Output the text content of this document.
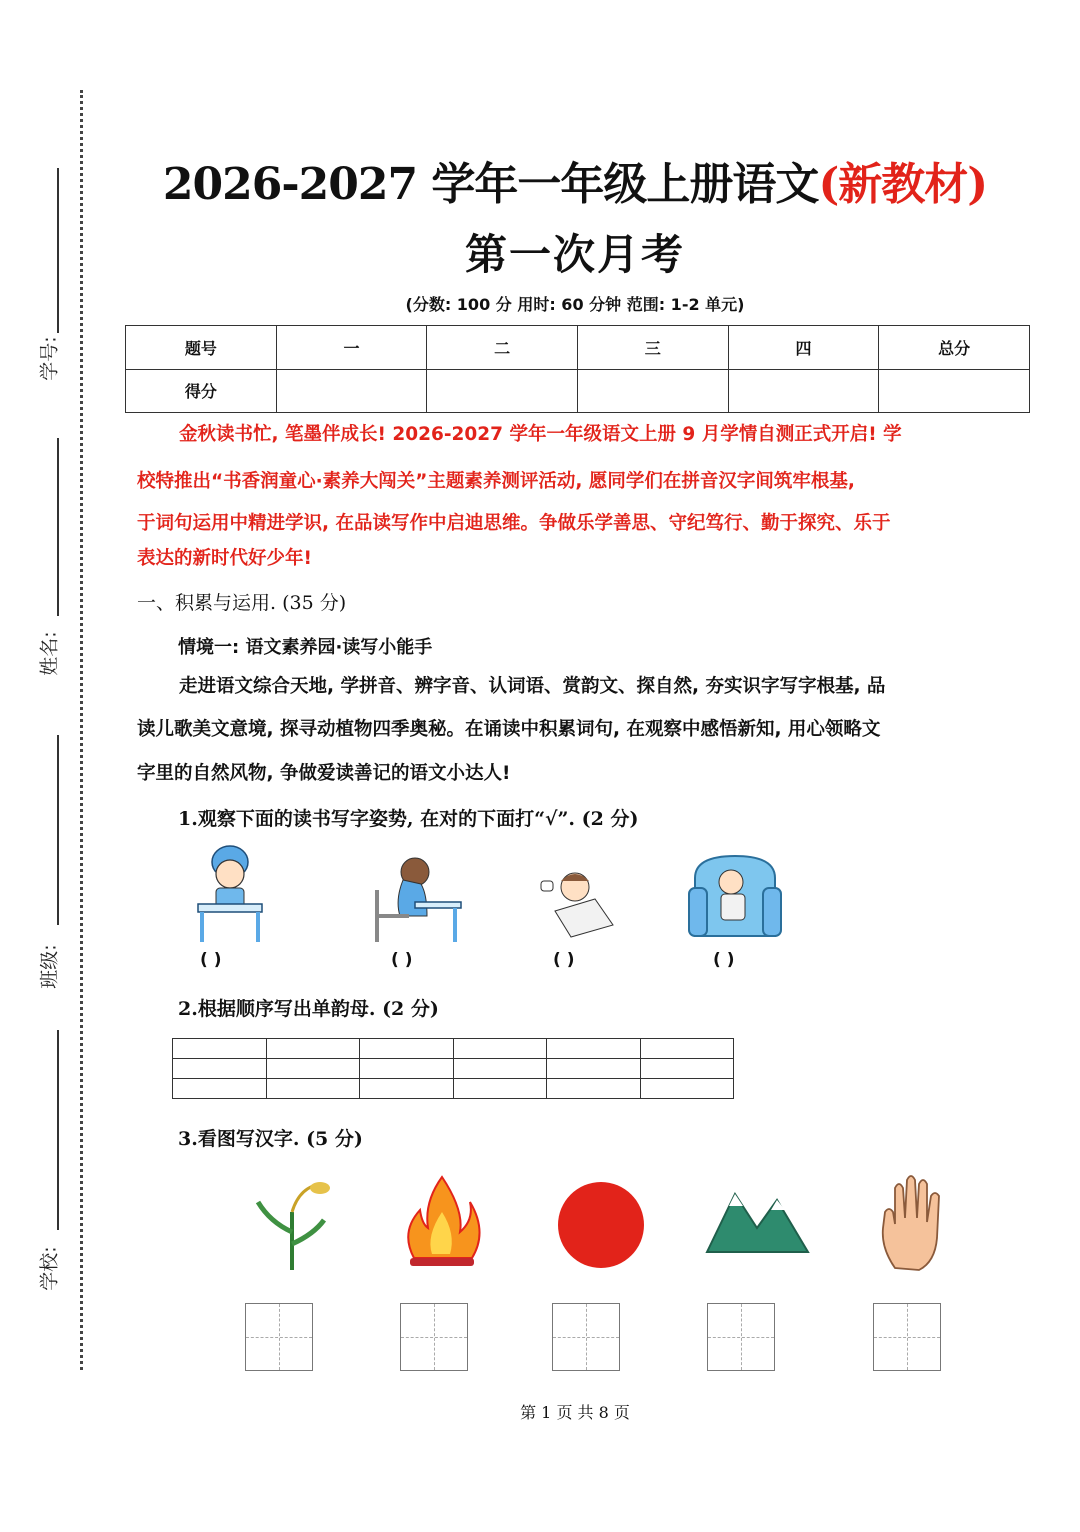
学号:
姓名:
班级:
学校:
2026-2027 学年一年级上册语文(新教材)
第一次月考
(分数: 100 分 用时: 60 分钟 范围: 1-2 单元)
题号	一	二	三	四	总分
得分					
金秋读书忙, 笔墨伴成长! 2026-2027 学年一年级语文上册 9 月学情自测正式开启! 学
校特推出“书香润童心·素养大闯关”主题素养测评活动, 愿同学们在拼音汉字间筑牢根基,
于词句运用中精进学识, 在品读写作中启迪思维。争做乐学善思、守纪笃行、勤于探究、乐于
表达的新时代好少年!
一、积累与运用. (35 分)
情境一: 语文素养园·读写小能手
走进语文综合天地, 学拼音、辨字音、认词语、赏韵文、探自然, 夯实识字写字根基, 品
读儿歌美文意境, 探寻动植物四季奥秘。在诵读中积累词句, 在观察中感悟新知, 用心领略文
字里的自然风物, 争做爱读善记的语文小达人!
1.观察下面的读书写字姿势, 在对的下面打“√”. (2 分)
( )	( )	( )	( )
2.根据顺序写出单韵母. (2 分)

3.看图写汉字. (5 分)
第 1 页 共 8 页
